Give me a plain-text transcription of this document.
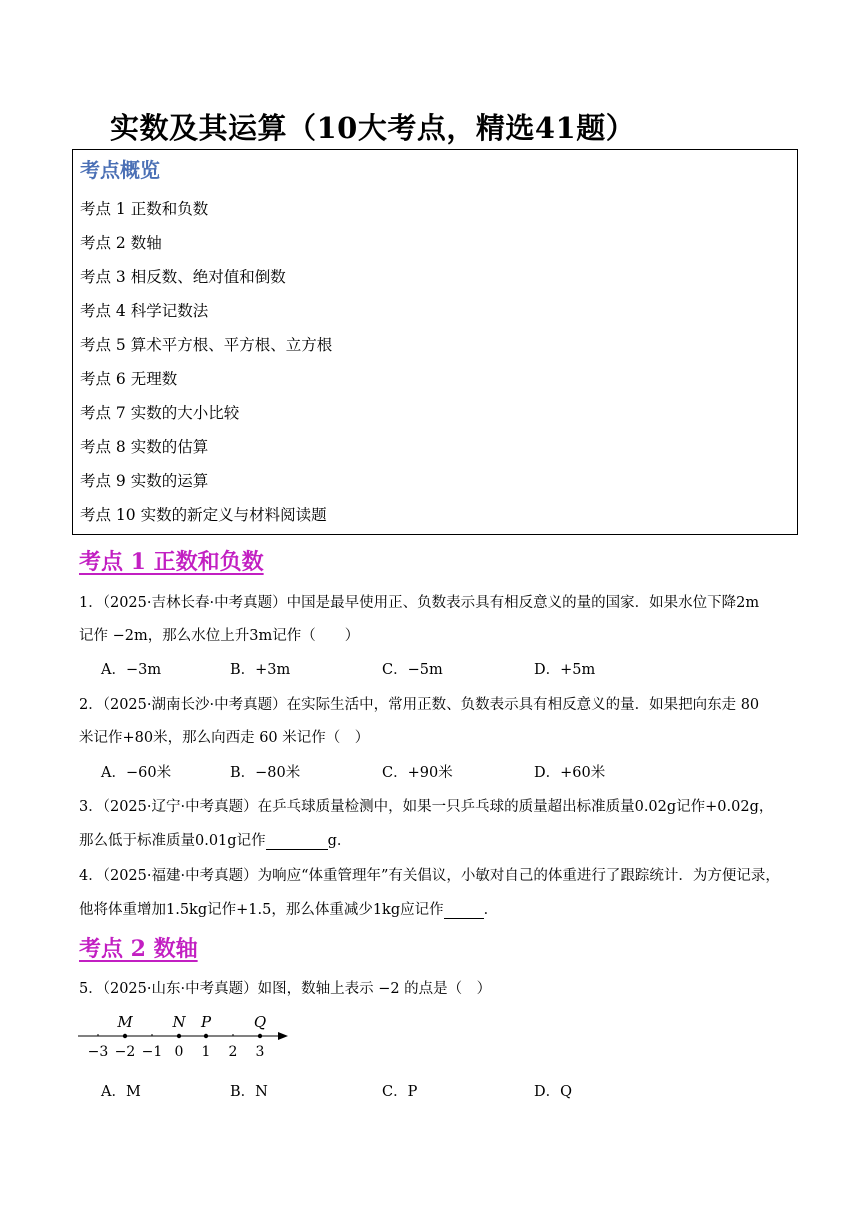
实数及其运算（10大考点，精选41题）
考点概览
考点 1 正数和负数
考点 2 数轴
考点 3 相反数、绝对值和倒数
考点 4 科学记数法
考点 5 算术平方根、平方根、立方根
考点 6 无理数
考点 7 实数的大小比较
考点 8 实数的估算
考点 9 实数的运算
考点 10 实数的新定义与材料阅读题
考点 1 正数和负数
1．（2025·吉林长春·中考真题）中国是最早使用正、负数表示具有相反意义的量的国家．如果水位下降2m
记作 −2m，那么水位上升3m记作（　　）
A．−3m	B．+3m	C．−5m	D．+5m
2．（2025·湖南长沙·中考真题）在实际生活中，常用正数、负数表示具有相反意义的量．如果把向东走 80
米记作+80米，那么向西走 60 米记作（　）
A．−60米	B．−80米	C．+90米	D．+60米
3．（2025·辽宁·中考真题）在乒乓球质量检测中，如果一只乒乓球的质量超出标准质量0.02g记作+0.02g，
那么低于标准质量0.01g记作	g．
4．（2025·福建·中考真题）为响应“体重管理年”有关倡议，小敏对自己的体重进行了跟踪统计．为方便记录，
他将体重增加1.5kg记作+1.5，那么体重减少1kg应记作	．
考点 2 数轴
5．（2025·山东·中考真题）如图，数轴上表示 −2 的点是（　）
−3 −2 −1 0 1 2 3
M	N P	Q
A．M	B．N	C．P	D．Q
